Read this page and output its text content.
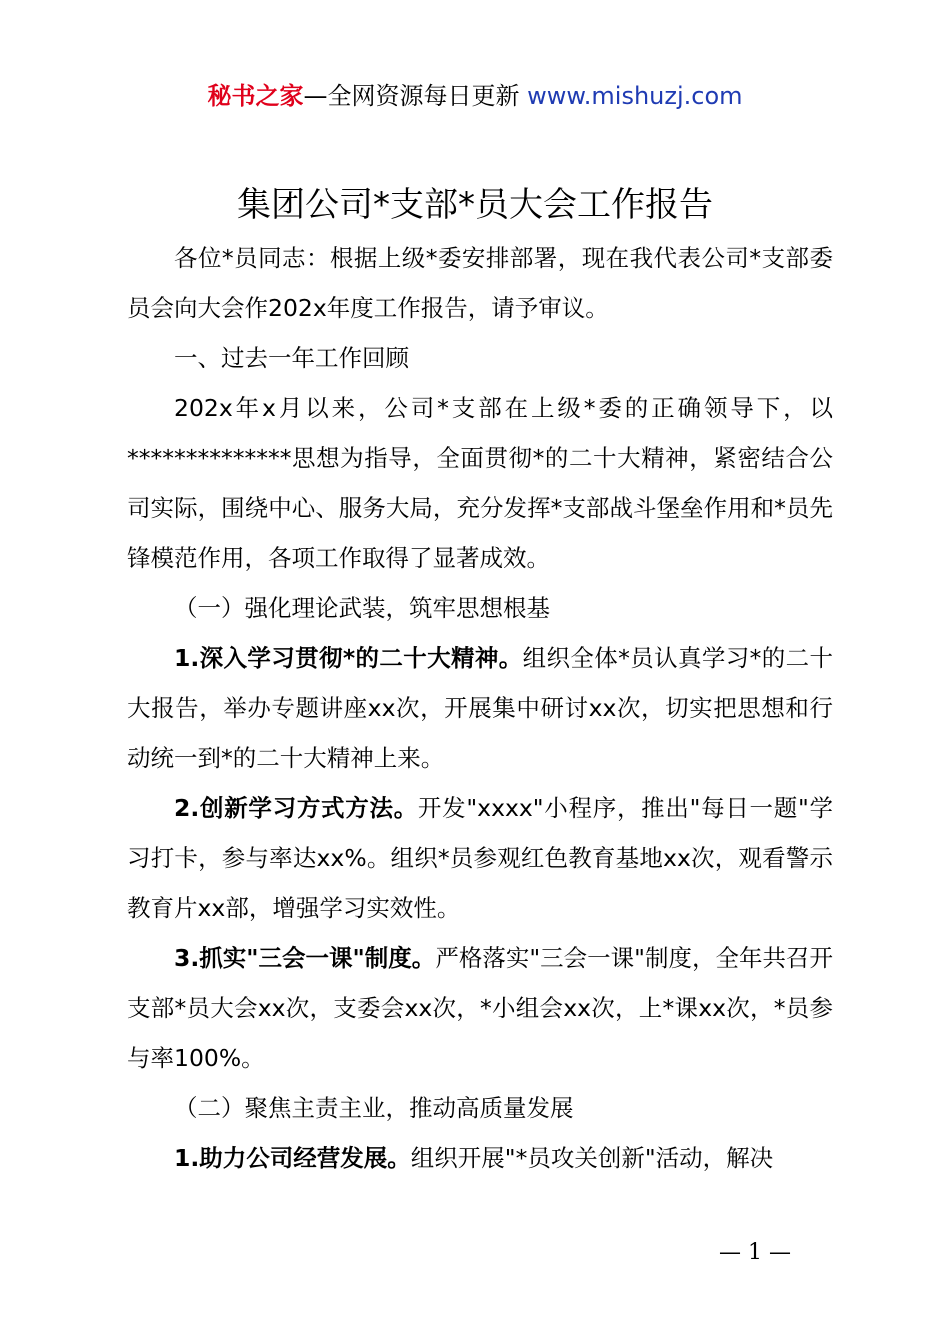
秘书之家—全网资源每日更新 www.mishuzj.com
集团公司*支部*员大会工作报告

各位*员同志：根据上级*委安排部署，现在我代表公司*支部委员会向大会作202x年度工作报告，请予审议。

一、过去一年工作回顾

202x年x月以来，公司*支部在上级*委的正确领导下，以**************思想为指导，全面贯彻*的二十大精神，紧密结合公司实际，围绕中心、服务大局，充分发挥*支部战斗堡垒作用和*员先锋模范作用，各项工作取得了显著成效。

（一）强化理论武装，筑牢思想根基

1.深入学习贯彻*的二十大精神。组织全体*员认真学习*的二十大报告，举办专题讲座xx次，开展集中研讨xx次，切实把思想和行动统一到*的二十大精神上来。

2.创新学习方式方法。开发"xxxx"小程序，推出"每日一题"学习打卡，参与率达xx%。组织*员参观红色教育基地xx次，观看警示教育片xx部，增强学习实效性。

3.抓实"三会一课"制度。严格落实"三会一课"制度，全年共召开支部*员大会xx次，支委会xx次，*小组会xx次，上*课xx次，*员参与率100%。

（二）聚焦主责主业，推动高质量发展

1.助力公司经营发展。组织开展"*员攻关创新"活动，解决

— 1 —
